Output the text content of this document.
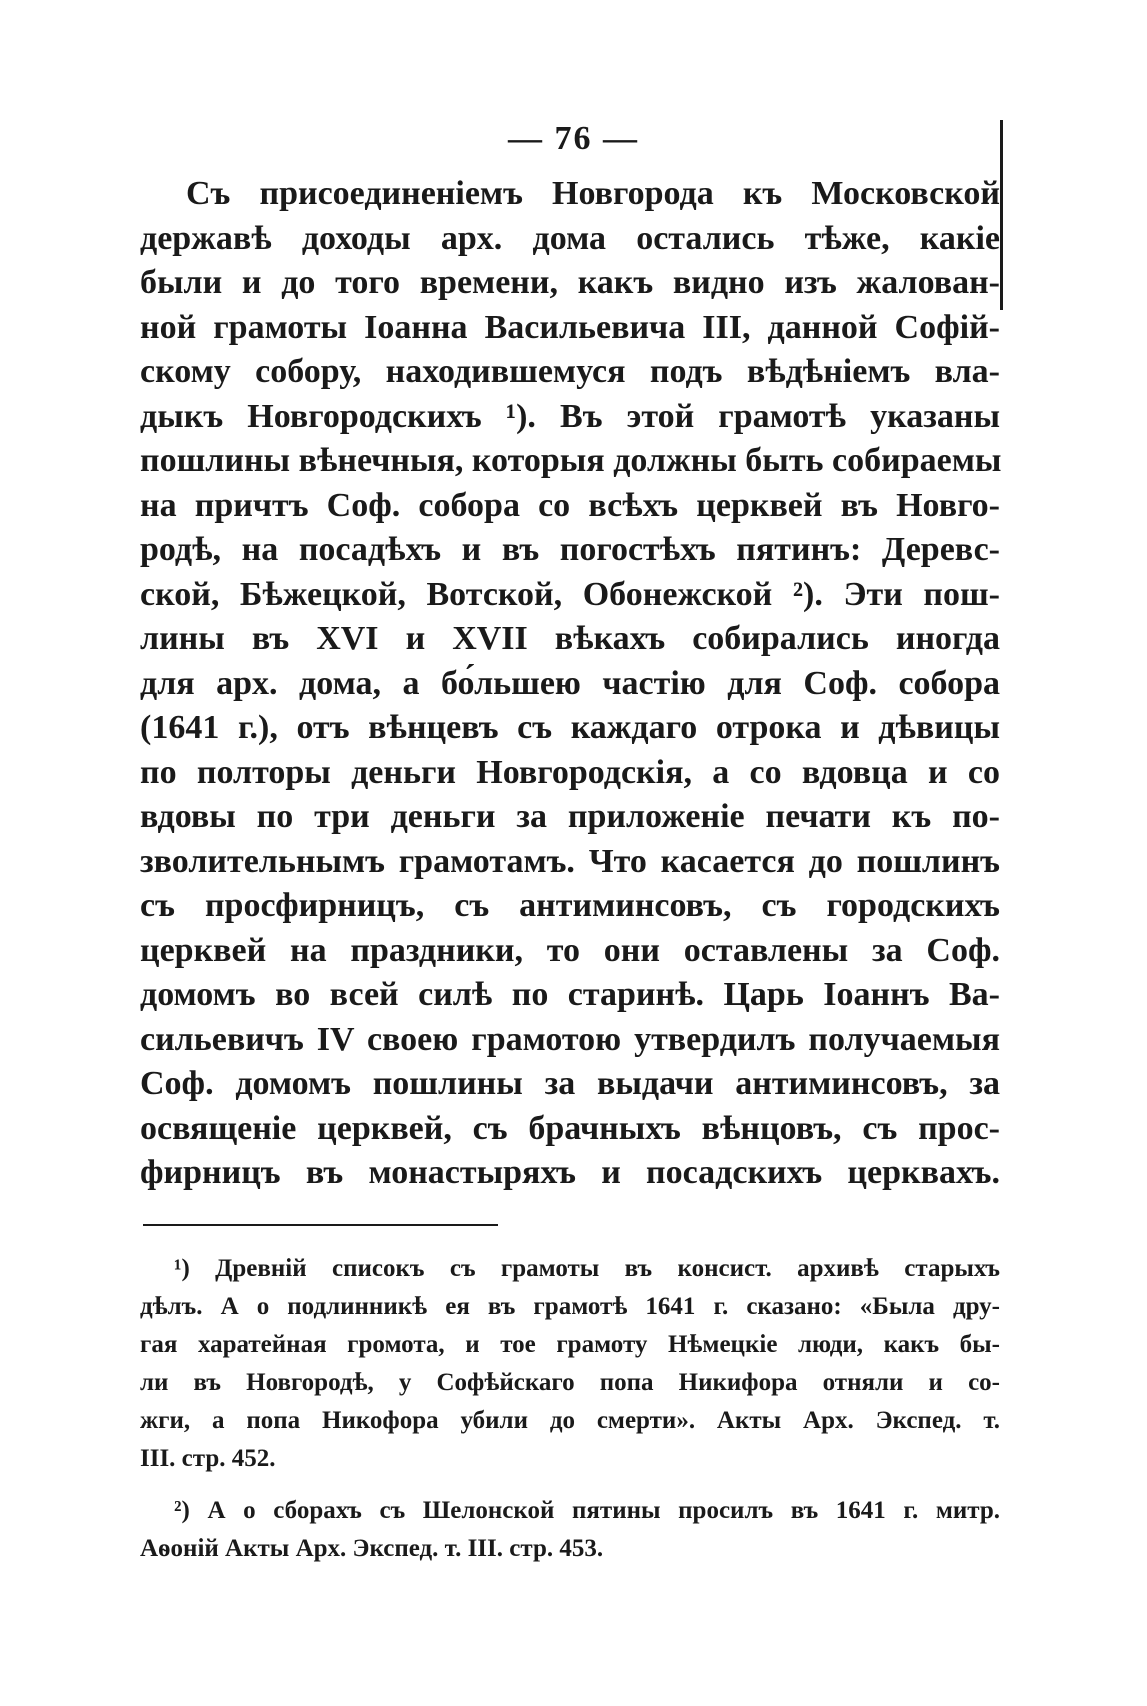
— 76 —
Съ присоединеніемъ Новгорода къ Московской
державѣ доходы арх. дома остались тѣже, какіе
были и до того времени, какъ видно изъ жалован-
ной грамоты Іоанна Васильевича III, данной Софій-
скому собору, находившемуся подъ вѣдѣніемъ вла-
дыкъ Новгородскихъ ¹). Въ этой грамотѣ указаны
пошлины вѣнечныя, которыя должны быть собираемы
на причтъ Соф. собора со всѣхъ церквей въ Новго-
родѣ, на посадѣхъ и въ погостѣхъ пятинъ: Деревс-
ской, Бѣжецкой, Вотской, Обонежской ²). Эти пош-
лины въ XVI и XVII вѣкахъ собирались иногда
для арх. дома, а бо́льшею частію для Соф. собора
(1641 г.), отъ вѣнцевъ съ каждаго отрока и дѣвицы
по полторы деньги Новгородскія, а со вдовца и со
вдовы по три деньги за приложеніе печати къ по-
зволительнымъ грамотамъ. Что касается до пошлинъ
съ просфирницъ, съ антиминсовъ, съ городскихъ
церквей на праздники, то они оставлены за Соф.
домомъ во всей силѣ по старинѣ. Царь Іоаннъ Ва-
сильевичъ IV своею грамотою утвердилъ получаемыя
Соф. домомъ пошлины за выдачи антиминсовъ, за
освященіе церквей, съ брачныхъ вѣнцовъ, съ прос-
фирницъ въ монастыряхъ и посадскихъ церквахъ.
¹) Древній списокъ съ грамоты въ консист. архивѣ старыхъ
дѣлъ. А о подлинникѣ ея въ грамотѣ 1641 г. сказано: «Была дру-
гая харатейная громота, и тое грамоту Нѣмецкіе люди, какъ бы-
ли въ Новгородѣ, у Софѣйскаго попа Никифора отняли и со-
жги, а попа Никофора убили до смерти». Акты Арх. Экспед. т.
III. стр. 452.
²) А о сборахъ съ Шелонской пятины просилъ въ 1641 г. митр.
Аѳоній Акты Арх. Экспед. т. III. стр. 453.
